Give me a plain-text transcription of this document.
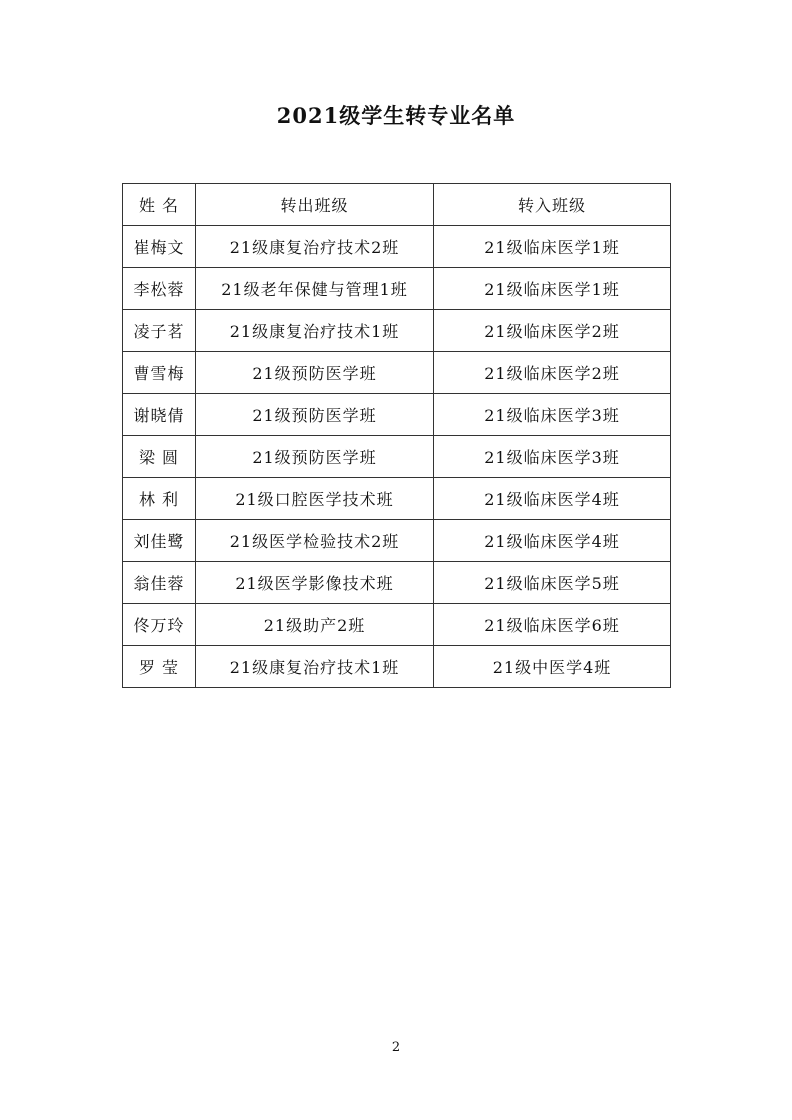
2021级学生转专业名单
姓 名	转出班级	转入班级
崔梅文	21级康复治疗技术2班	21级临床医学1班
李松蓉	21级老年保健与管理1班	21级临床医学1班
凌子茗	21级康复治疗技术1班	21级临床医学2班
曹雪梅	21级预防医学班	21级临床医学2班
谢晓倩	21级预防医学班	21级临床医学3班
梁 圆	21级预防医学班	21级临床医学3班
林 利	21级口腔医学技术班	21级临床医学4班
刘佳鹭	21级医学检验技术2班	21级临床医学4班
翁佳蓉	21级医学影像技术班	21级临床医学5班
佟万玲	21级助产2班	21级临床医学6班
罗 莹	21级康复治疗技术1班	21级中医学4班
2
